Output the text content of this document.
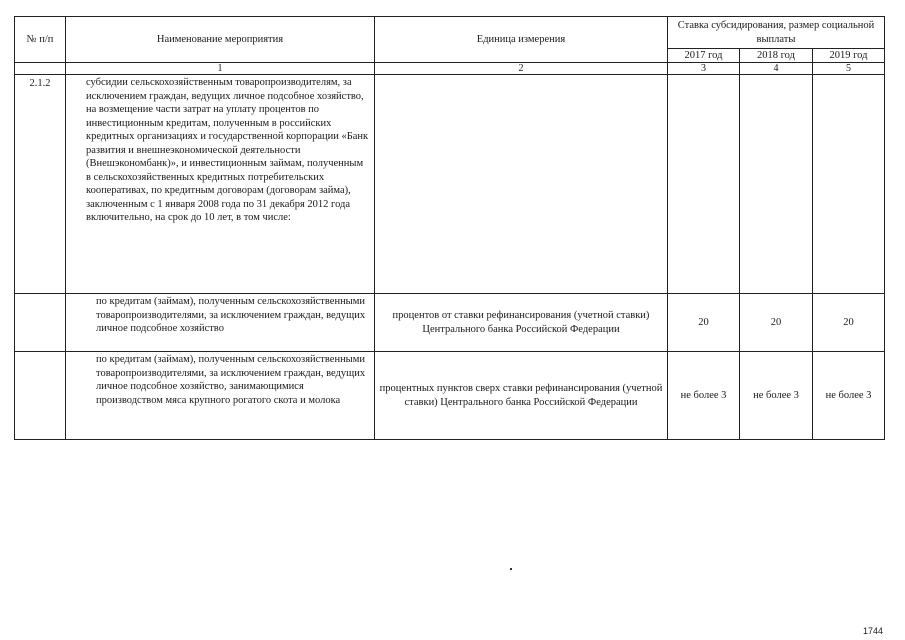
№ п/п	Наименование мероприятия	Единица измерения	Ставка субсидирования, размер социальной выплаты		
			2017 год	2018 год	2019 год
	1	2	3	4	5
2.1.2	субсидии сельскохозяйственным товаропроизводителям, за исключением граждан, ведущих личное подсобное хозяйство, на возмещение части затрат на уплату процентов по инвестиционным кредитам, полученным в российских кредитных организациях и государственной корпорации «Банк развития и внешнеэкономической деятельности (Внешэкономбанк)», и инвестиционным займам, полученным в сельскохозяйственных кредитных потребительских кооперативах, по кредитным договорам (договорам займа), заключенным с 1 января 2008 года по 31 декабря 2012 года включительно, на срок до 10 лет, в том числе:				
	по кредитам (займам), полученным сельскохозяйственными товаропроизводителями, за исключением граждан, ведущих личное подсобное хозяйство	процентов от ставки рефинансирования (учетной ставки) Центрального банка Российской Федерации	20	20	20
	по кредитам (займам), полученным сельскохозяйственными товаропроизводителями, за исключением граждан, ведущих личное подсобное хозяйство, занимающимися производством мяса крупного рогатого скота и молока	процентных пунктов сверх ставки рефинансирования (учетной ставки) Центрального банка Российской Федерации	не более 3	не более 3	не более 3
1744
